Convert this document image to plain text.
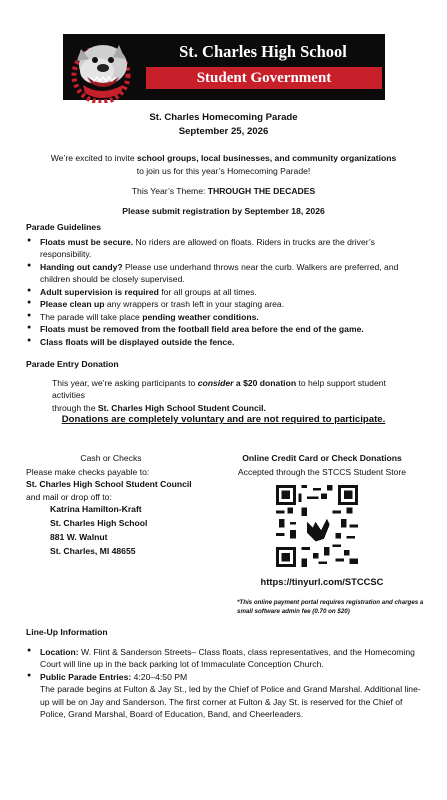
St. Charles High School
Student Government
St. Charles Homecoming Parade
September 25, 2026
We’re excited to invite school groups, local businesses, and community organizations
to join us for this year’s Homecoming Parade!
This Year’s Theme: THROUGH THE DECADES
Please submit registration by September 18, 2026
Parade Guidelines
● Floats must be secure. No riders are allowed on floats. Riders in trucks are the driver’s responsibility.
● Handing out candy? Please use underhand throws near the curb. Walkers are preferred, and children should be closely supervised.
● Adult supervision is required for all groups at all times.
● Please clean up any wrappers or trash left in your staging area.
● The parade will take place pending weather conditions.
● Floats must be removed from the football field area before the end of the game.
● Class floats will be displayed outside the fence.
Parade Entry Donation
This year, we’re asking participants to consider a $20 donation to help support student activities
through the St. Charles High School Student Council.
Donations are completely voluntary and are not required to participate.
Cash or Checks
Please make checks payable to:
St. Charles High School Student Council
and mail or drop off to:
Katrina Hamilton-Kraft
St. Charles High School
881 W. Walnut
St. Charles, MI 48655
Online Credit Card or Check Donations
Accepted through the STCCS Student Store
https://tinyurl.com/STCCSC
*This online payment portal requires registration and charges a
small software admin fee (0.70 on $20)
Line-Up Information
● Location: W. Flint & Sanderson Streets– Class floats, class representatives, and the Homecoming Court will line up in the back parking lot of Immaculate Conception Church.
● Public Parade Entries: 4:20–4:50 PM
The parade begins at Fulton & Jay St., led by the Chief of Police and Grand Marshal. Additional line-up will be on Jay and Sanderson. The first corner at Fulton & Jay St. is reserved for the Chief of Police, Grand Marshal, Board of Education, Band, and Cheerleaders.
